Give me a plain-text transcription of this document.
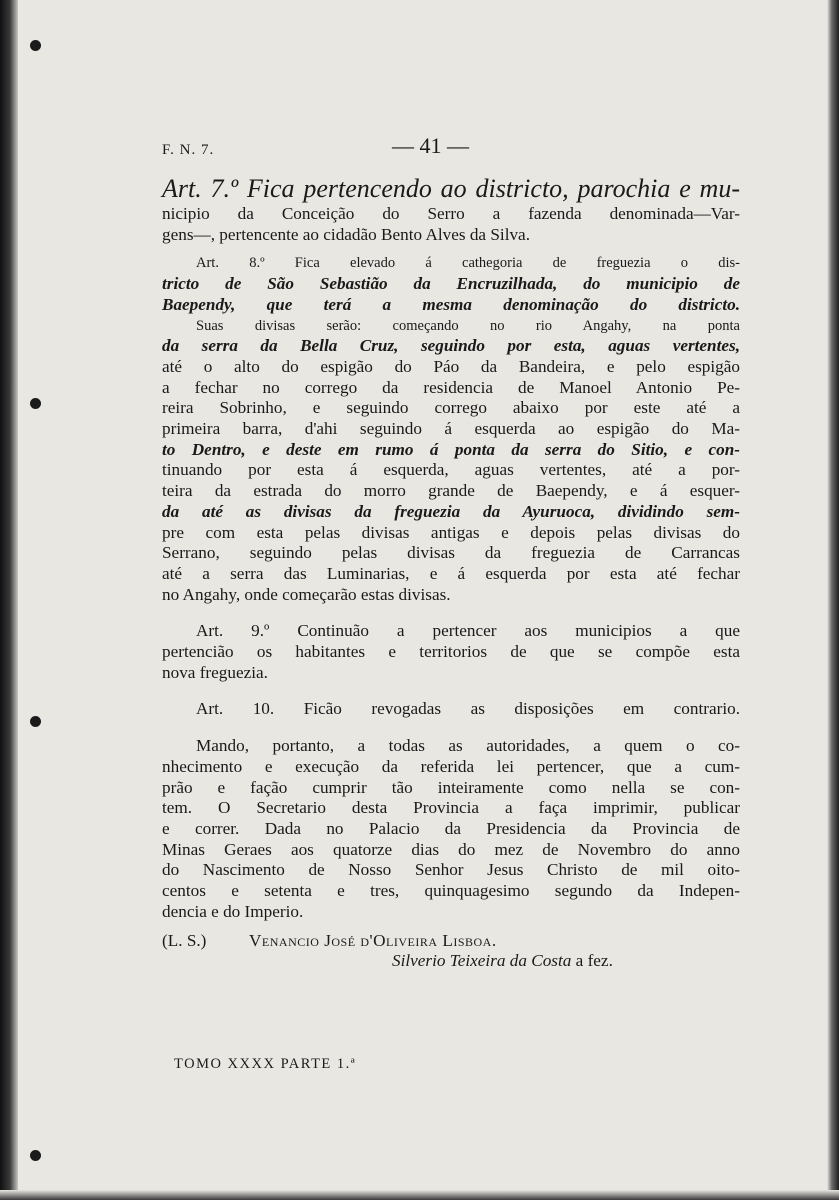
F. N. 7.	— 41 —
Art. 7.º Fica pertencendo ao districto, parochia e mu-
nicipio da Conceição do Serro a fazenda denominada—Var-
gens—, pertencente ao cidadão Bento Alves da Silva.
Art. 8.º Fica elevado á cathegoria de freguezia o dis-
tricto de São Sebastião da Encruzilhada, do municipio de
Baependy, que terá a mesma denominação do districto.
Suas divisas serão: começando no rio Angahy, na ponta
da serra da Bella Cruz, seguindo por esta, aguas vertentes,
até o alto do espigão do Páo da Bandeira, e pelo espigão
a fechar no corrego da residencia de Manoel Antonio Pe-
reira Sobrinho, e seguindo corrego abaixo por este até a
primeira barra, d'ahi seguindo á esquerda ao espigão do Ma-
to Dentro, e deste em rumo á ponta da serra do Sitio, e con-
tinuando por esta á esquerda, aguas vertentes, até a por-
teira da estrada do morro grande de Baependy, e á esquer-
da até as divisas da freguezia da Ayuruoca, dividindo sem-
pre com esta pelas divisas antigas e depois pelas divisas do
Serrano, seguindo pelas divisas da freguezia de Carrancas
até a serra das Luminarias, e á esquerda por esta até fechar
no Angahy, onde começarão estas divisas.
Art. 9.º Continuão a pertencer aos municipios a que
pertencião os habitantes e territorios de que se compõe esta
nova freguezia.
Art. 10. Ficão revogadas as disposições em contrario.
Mando, portanto, a todas as autoridades, a quem o co-
nhecimento e execução da referida lei pertencer, que a cum-
prão e fação cumprir tão inteiramente como nella se con-
tem. O Secretario desta Provincia a faça imprimir, publicar
e correr. Dada no Palacio da Presidencia da Provincia de
Minas Geraes aos quatorze dias do mez de Novembro do anno
do Nascimento de Nosso Senhor Jesus Christo de mil oito-
centos e setenta e tres, quinquagesimo segundo da Indepen-
dencia e do Imperio.
(L. S.) Venancio José d'Oliveira Lisboa.
Silverio Teixeira da Costa a fez.
TOMO XXXX PARTE 1.ª
